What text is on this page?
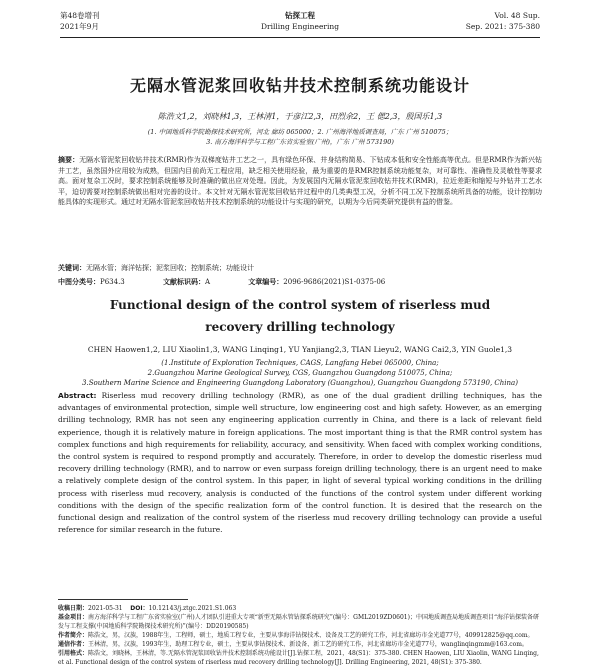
第48卷增刊
2021年9月
钻探工程
Drilling Engineering
Vol. 48 Sup.
Sep. 2021: 375-380
无隔水管泥浆回收钻井技术控制系统功能设计
陈浩文1,2，刘晓林1,3，王林清1，于彦江2,3，田烈余2，王 偲2,3，殷国乐1,3
(1. 中国地质科学院勘探技术研究所，河北 廊坊 065000；2. 广州海洋地质调查局，广东 广州 510075；
3. 南方海洋科学与工程广东省实验室(广州)，广东 广州 573190)
摘要：无隔水管泥浆回收钻井技术(RMR)作为双梯度钻井工艺之一，具有绿色环保、井身结构简易、下钻成本低和安全性能高等优点。但是RMR作为新兴钻井工艺，虽然国外应用较为成熟，但国内目前尚无工程应用，缺乏相关使用经验，最为重要的是RMR控制系统功能复杂，对可靠性、准确性及灵敏性等要求高。面对复杂工况时，要求控制系统能够及时准确的做出应对处理。因此，为发展国内无隔水管泥浆回收钻井技术(RMR)，拉近差距和缩短与外钻井工艺水平，迫切需要对控制系统做出相对完善的设计。本文针对无隔水管泥浆回收钻井过程中的几类典型工况，分析不同工况下控制系统所具备的功能，设计控制功能具体的实现形式。通过对无隔水管泥浆回收钻井技术控制系统的功能设计与实现的研究，以期为今后同类研究提供有益的借鉴。
关键词：无隔水管；海洋钻探；泥浆回收；控制系统；功能设计
中图分类号：P634.3	文献标识码：A	文章编号：2096-9686(2021)S1-0375-06
Functional design of the control system of riserless mud
recovery drilling technology
CHEN Haowen1,2, LIU Xiaolin1,3, WANG Linqing1, YU Yanjiang2,3, TIAN Lieyu2, WANG Cai2,3, YIN Guole1,3
(1.Institute of Exploration Techniques, CAGS, Langfang Hebei 065000, China;
2.Guangzhou Marine Geological Survey, CGS, Guangzhou Guangdong 510075, China;
3.Southern Marine Science and Engineering Guangdong Laboratory (Guangzhou), Guangzhou Guangdong 573190, China)

Abstract: Riserless mud recovery drilling technology (RMR), as one of the dual gradient drilling techniques, has the advantages of environmental protection, simple well structure, low engineering cost and high safety. However, as an emerging drilling technology, RMR has not seen any engineering application currently in China, and there is a lack of relevant field experience, though it is relatively mature in foreign applications. The most important thing is that the RMR control system has complex functions and high requirements for reliability, accuracy, and sensitivity. When faced with complex working conditions, the control system is required to respond promptly and accurately. Therefore, in order to develop the domestic riserless mud recovery drilling technology (RMR), and to narrow or even surpass foreign drilling technology, there is an urgent need to make a relatively complete design of the control system. In this paper, in light of several typical working conditions in the drilling process with riserless mud recovery, analysis is conducted of the functions of the control system under different working conditions with the design of the specific realization form of the control function. It is desired that the research on the functional design and realization of the control system of the riserless mud recovery drilling technology can provide a useful reference for similar research in the future.

收稿日期：2021-05-31 DOI：10.12143/j.ztgc.2021.S1.063
基金项目：南方海洋科学与工程广东省实验室(广州)人才团队引进重大专项“新型无隔水管钻探系统研究”(编号：GML2019ZD0601)；中国地质调查局地质调查项目“海洋钻探装备研发与工程支撑(中国地质科学院勘探技术研究所)”(编号：DD20190585)
作者简介：陈浩文，男，汉族，1988年生，工程师，硕士，地质工程专业，主要从事海洋钻探技术、设备及工艺的研究工作，河北省廊坊市金光道77号，409912825@qq.com。
通信作者：王林清，男，汉族，1993年生，助理工程专业，硕士，主要从事钻探技术、新设备、新工艺的研究工作，河北省廊坊市金光道77号，wanglinqingmm@163.com。
引用格式：陈浩文，刘晓林，王林清，等.无隔水管泥浆回收钻井技术控制系统功能设计[J].钻探工程，2021，48(S1)：375-380. CHEN Haowen, LIU Xiaolin, WANG Linqing, et al. Functional design of the control system of riserless mud recovery drilling technology[J]. Drilling Engineering, 2021, 48(S1): 375-380.
